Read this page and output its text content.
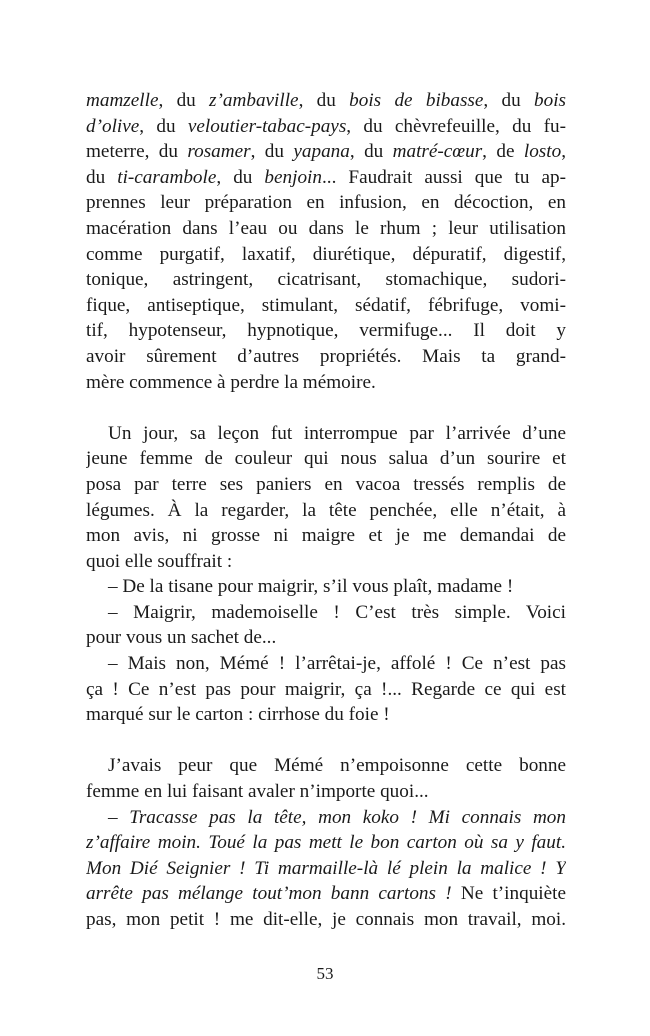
mamzelle, du z’ambaville, du bois de bibasse, du bois
d’olive, du veloutier-tabac-pays, du chèvrefeuille, du fu-
meterre, du rosamer, du yapana, du matré-cœur, de losto,
du ti-carambole, du benjoin... Faudrait aussi que tu ap-
prennes leur préparation en infusion, en décoction, en
macération dans l’eau ou dans le rhum ; leur utilisation
comme purgatif, laxatif, diurétique, dépuratif, digestif,
tonique, astringent, cicatrisant, stomachique, sudori-
fique, antiseptique, stimulant, sédatif, fébrifuge, vomi-
tif, hypotenseur, hypnotique, vermifuge... Il doit y
avoir sûrement d’autres propriétés. Mais ta grand-
mère commence à perdre la mémoire.
Un jour, sa leçon fut interrompue par l’arrivée d’une
jeune femme de couleur qui nous salua d’un sourire et
posa par terre ses paniers en vacoa tressés remplis de
légumes. À la regarder, la tête penchée, elle n’était, à
mon avis, ni grosse ni maigre et je me demandai de
quoi elle souffrait :
– De la tisane pour maigrir, s’il vous plaît, madame !
– Maigrir, mademoiselle ! C’est très simple. Voici
pour vous un sachet de...
– Mais non, Mémé ! l’arrêtai-je, affolé ! Ce n’est pas
ça ! Ce n’est pas pour maigrir, ça !... Regarde ce qui est
marqué sur le carton : cirrhose du foie !
J’avais peur que Mémé n’empoisonne cette bonne
femme en lui faisant avaler n’importe quoi...
– Tracasse pas la tête, mon koko ! Mi connais mon
z’affaire moin. Toué la pas mett le bon carton où sa y faut.
Mon Dié Seignier ! Ti marmaille-là lé plein la malice ! Y
arrête pas mélange tout’mon bann cartons ! Ne t’inquiète
pas, mon petit ! me dit-elle, je connais mon travail, moi.
53
